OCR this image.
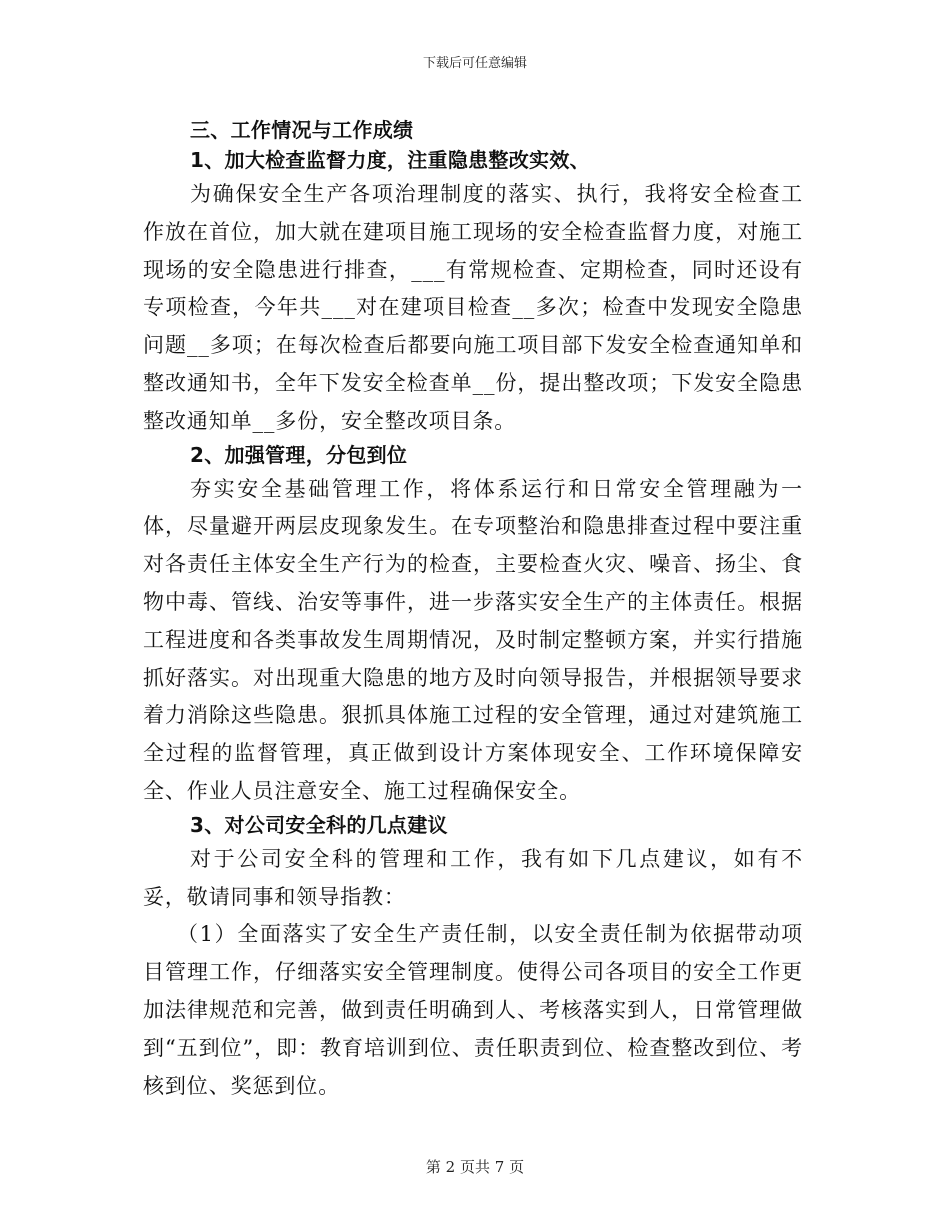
下载后可任意编辑

三、工作情况与工作成绩

1、加大检查监督力度，注重隐患整改实效、

为确保安全生产各项治理制度的落实、执行，我将安全检查工作放在首位，加大就在建项目施工现场的安全检查监督力度，对施工现场的安全隐患进行排查，___有常规检查、定期检查，同时还设有专项检查，今年共___对在建项目检查__多次；检查中发现安全隐患问题__多项；在每次检查后都要向施工项目部下发安全检查通知单和整改通知书，全年下发安全检查单__份，提出整改项；下发安全隐患整改通知单__多份，安全整改项目条。

2、加强管理，分包到位

夯实安全基础管理工作，将体系运行和日常安全管理融为一体，尽量避开两层皮现象发生。在专项整治和隐患排查过程中要注重对各责任主体安全生产行为的检查，主要检查火灾、噪音、扬尘、食物中毒、管线、治安等事件，进一步落实安全生产的主体责任。根据工程进度和各类事故发生周期情况，及时制定整顿方案，并实行措施抓好落实。对出现重大隐患的地方及时向领导报告，并根据领导要求着力消除这些隐患。狠抓具体施工过程的安全管理，通过对建筑施工全过程的监督管理，真正做到设计方案体现安全、工作环境保障安全、作业人员注意安全、施工过程确保安全。

3、对公司安全科的几点建议

对于公司安全科的管理和工作，我有如下几点建议，如有不妥，敬请同事和领导指教：

（1）全面落实了安全生产责任制，以安全责任制为依据带动项目管理工作，仔细落实安全管理制度。使得公司各项目的安全工作更加法律规范和完善，做到责任明确到人、考核落实到人，日常管理做到“五到位”，即：教育培训到位、责任职责到位、检查整改到位、考核到位、奖惩到位。

第 2 页共 7 页
